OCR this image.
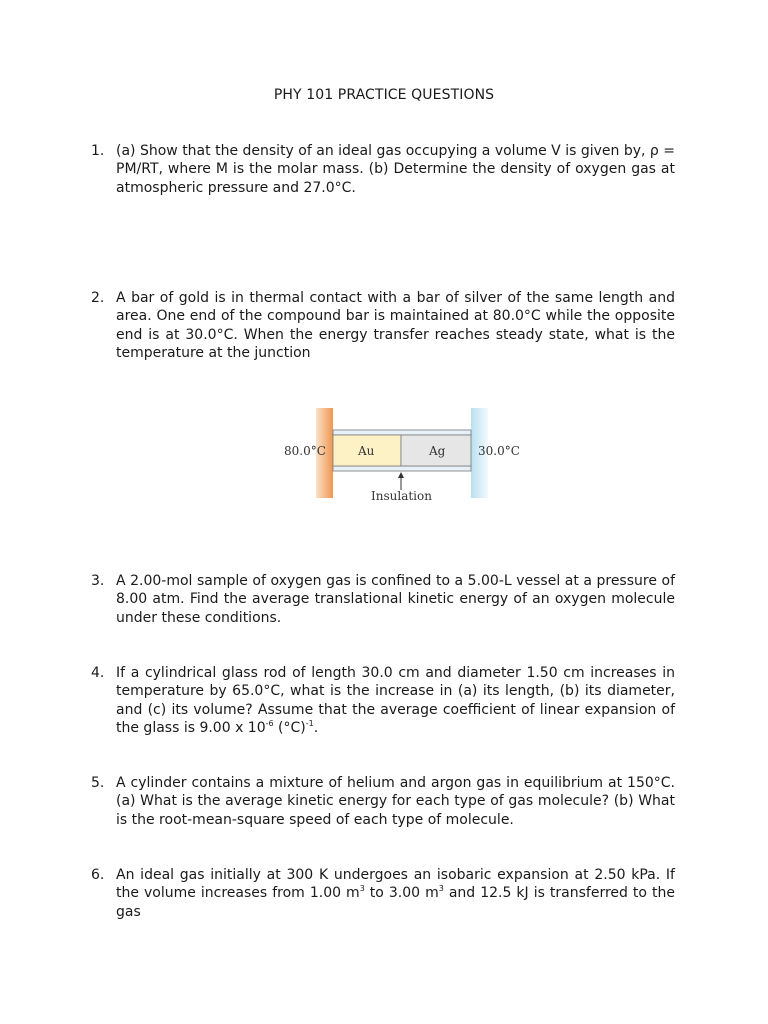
PHY 101 PRACTICE QUESTIONS
1. (a) Show that the density of an ideal gas occupying a volume V is given by, ρ = PM/RT, where M is the molar mass. (b) Determine the density of oxygen gas at atmospheric pressure and 27.0°C.
2. A bar of gold is in thermal contact with a bar of silver of the same length and area. One end of the compound bar is maintained at 80.0°C while the opposite end is at 30.0°C. When the energy transfer reaches steady state, what is the temperature at the junction
80.0°C	30.0°C
Au	Ag
Insulation
3. A 2.00-mol sample of oxygen gas is confined to a 5.00-L vessel at a pressure of 8.00 atm. Find the average translational kinetic energy of an oxygen molecule under these conditions.
4. If a cylindrical glass rod of length 30.0 cm and diameter 1.50 cm increases in temperature by 65.0°C, what is the increase in (a) its length, (b) its diameter, and (c) its volume? Assume that the average coefficient of linear expansion of the glass is 9.00 x $10^{-6}$ $(^\circ C)^{-1}$.
5. A cylinder contains a mixture of helium and argon gas in equilibrium at 150°C. (a) What is the average kinetic energy for each type of gas molecule? (b) What is the root-mean-square speed of each type of molecule.
6. An ideal gas initially at 300 K undergoes an isobaric expansion at 2.50 kPa. If the volume increases from 1.00 $m^3$ to 3.00 $m^3$ and 12.5 kJ is transferred to the gas
